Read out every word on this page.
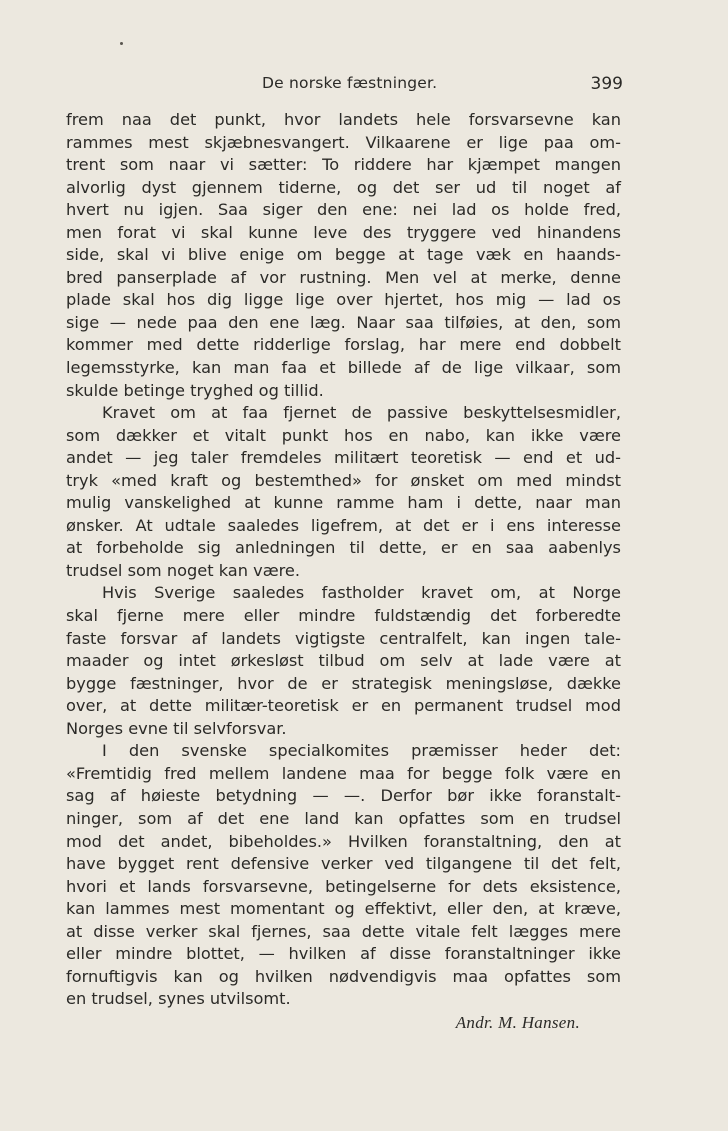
De norske fæstninger.	399
frem naa det punkt, hvor landets hele forsvarsevne kan
rammes mest skjæbnesvangert. Vilkaarene er lige paa om-
trent som naar vi sætter: To riddere har kjæmpet mangen
alvorlig dyst gjennem tiderne, og det ser ud til noget af
hvert nu igjen. Saa siger den ene: nei lad os holde fred,
men forat vi skal kunne leve des tryggere ved hinandens
side, skal vi blive enige om begge at tage væk en haands-
bred panserplade af vor rustning. Men vel at merke, denne
plade skal hos dig ligge lige over hjertet, hos mig — lad os
sige — nede paa den ene læg. Naar saa tilføies, at den, som
kommer med dette ridderlige forslag, har mere end dobbelt
legemsstyrke, kan man faa et billede af de lige vilkaar, som
skulde betinge tryghed og tillid.
Kravet om at faa fjernet de passive beskyttelsesmidler,
som dækker et vitalt punkt hos en nabo, kan ikke være
andet — jeg taler fremdeles militært teoretisk — end et ud-
tryk «med kraft og bestemthed» for ønsket om med mindst
mulig vanskelighed at kunne ramme ham i dette, naar man
ønsker. At udtale saaledes ligefrem, at det er i ens interesse
at forbeholde sig anledningen til dette, er en saa aabenlys
trudsel som noget kan være.
Hvis Sverige saaledes fastholder kravet om, at Norge
skal fjerne mere eller mindre fuldstændig det forberedte
faste forsvar af landets vigtigste centralfelt, kan ingen tale-
maader og intet ørkesløst tilbud om selv at lade være at
bygge fæstninger, hvor de er strategisk meningsløse, dække
over, at dette militær-teoretisk er en permanent trudsel mod
Norges evne til selvforsvar.
I den svenske specialkomites præmisser heder det:
«Fremtidig fred mellem landene maa for begge folk være en
sag af høieste betydning — —. Derfor bør ikke foranstalt-
ninger, som af det ene land kan opfattes som en trudsel
mod det andet, bibeholdes.» Hvilken foranstaltning, den at
have bygget rent defensive verker ved tilgangene til det felt,
hvori et lands forsvarsevne, betingelserne for dets eksistence,
kan lammes mest momentant og effektivt, eller den, at kræve,
at disse verker skal fjernes, saa dette vitale felt lægges mere
eller mindre blottet, — hvilken af disse foranstaltninger ikke
fornuftigvis kan og hvilken nødvendigvis maa opfattes som
en trudsel, synes utvilsomt.
Andr. M. Hansen.
